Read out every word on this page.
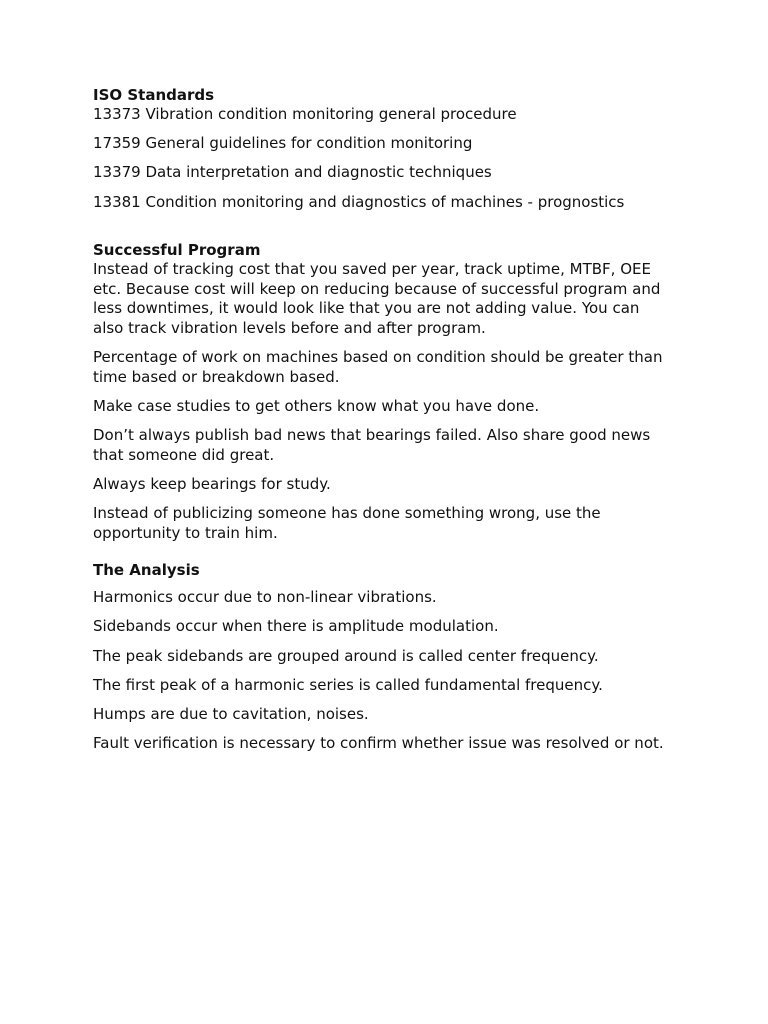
ISO Standards

13373 Vibration condition monitoring general procedure

17359 General guidelines for condition monitoring

13379 Data interpretation and diagnostic techniques

13381 Condition monitoring and diagnostics of machines - prognostics

Successful Program

Instead of tracking cost that you saved per year, track uptime, MTBF, OEE etc. Because cost will keep on reducing because of successful program and less downtimes, it would look like that you are not adding value. You can also track vibration levels before and after program.

Percentage of work on machines based on condition should be greater than time based or breakdown based.

Make case studies to get others know what you have done.

Don’t always publish bad news that bearings failed. Also share good news that someone did great.

Always keep bearings for study.

Instead of publicizing someone has done something wrong, use the opportunity to train him.

The Analysis

Harmonics occur due to non-linear vibrations.

Sidebands occur when there is amplitude modulation.

The peak sidebands are grouped around is called center frequency.

The first peak of a harmonic series is called fundamental frequency.

Humps are due to cavitation, noises.

Fault verification is necessary to confirm whether issue was resolved or not.
